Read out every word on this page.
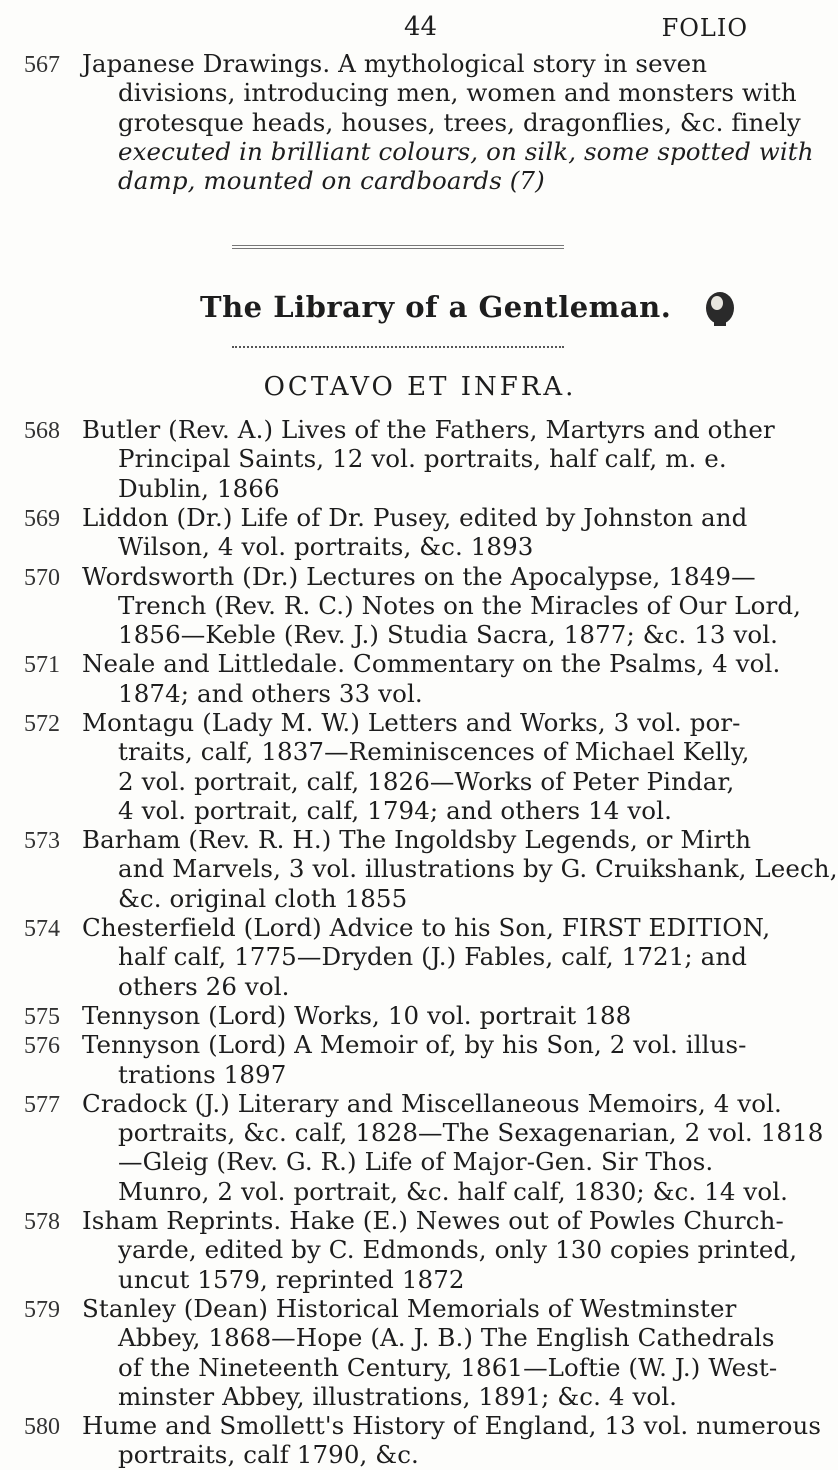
44	FOLIO
567 Japanese Drawings. A mythological story in seven
divisions, introducing men, women and monsters with
grotesque heads, houses, trees, dragonflies, &c. finely
executed in brilliant colours, on silk, some spotted with
damp, mounted on cardboards (7)
The Library of a Gentleman.
OCTAVO ET INFRA.
568 Butler (Rev. A.) Lives of the Fathers, Martyrs and other
Principal Saints, 12 vol. portraits, half calf, m. e.
Dublin, 1866
569 Liddon (Dr.) Life of Dr. Pusey, edited by Johnston and
Wilson, 4 vol. portraits, &c. 1893
570 Wordsworth (Dr.) Lectures on the Apocalypse, 1849—
Trench (Rev. R. C.) Notes on the Miracles of Our Lord,
1856—Keble (Rev. J.) Studia Sacra, 1877; &c. 13 vol.
571 Neale and Littledale. Commentary on the Psalms, 4 vol.
1874; and others 33 vol.
572 Montagu (Lady M. W.) Letters and Works, 3 vol. por-
traits, calf, 1837—Reminiscences of Michael Kelly,
2 vol. portrait, calf, 1826—Works of Peter Pindar,
4 vol. portrait, calf, 1794; and others 14 vol.
573 Barham (Rev. R. H.) The Ingoldsby Legends, or Mirth
and Marvels, 3 vol. illustrations by G. Cruikshank, Leech,
&c. original cloth 1855
574 Chesterfield (Lord) Advice to his Son, FIRST EDITION,
half calf, 1775—Dryden (J.) Fables, calf, 1721; and
others 26 vol.
575 Tennyson (Lord) Works, 10 vol. portrait 188
576 Tennyson (Lord) A Memoir of, by his Son, 2 vol. illus-
trations 1897
577 Cradock (J.) Literary and Miscellaneous Memoirs, 4 vol.
portraits, &c. calf, 1828—The Sexagenarian, 2 vol. 1818
—Gleig (Rev. G. R.) Life of Major-Gen. Sir Thos.
Munro, 2 vol. portrait, &c. half calf, 1830; &c. 14 vol.
578 Isham Reprints. Hake (E.) Newes out of Powles Church-
yarde, edited by C. Edmonds, only 130 copies printed,
uncut 1579, reprinted 1872
579 Stanley (Dean) Historical Memorials of Westminster
Abbey, 1868—Hope (A. J. B.) The English Cathedrals
of the Nineteenth Century, 1861—Loftie (W. J.) West-
minster Abbey, illustrations, 1891; &c. 4 vol.
580 Hume and Smollett's History of England, 13 vol. numerous
portraits, calf 1790, &c.
